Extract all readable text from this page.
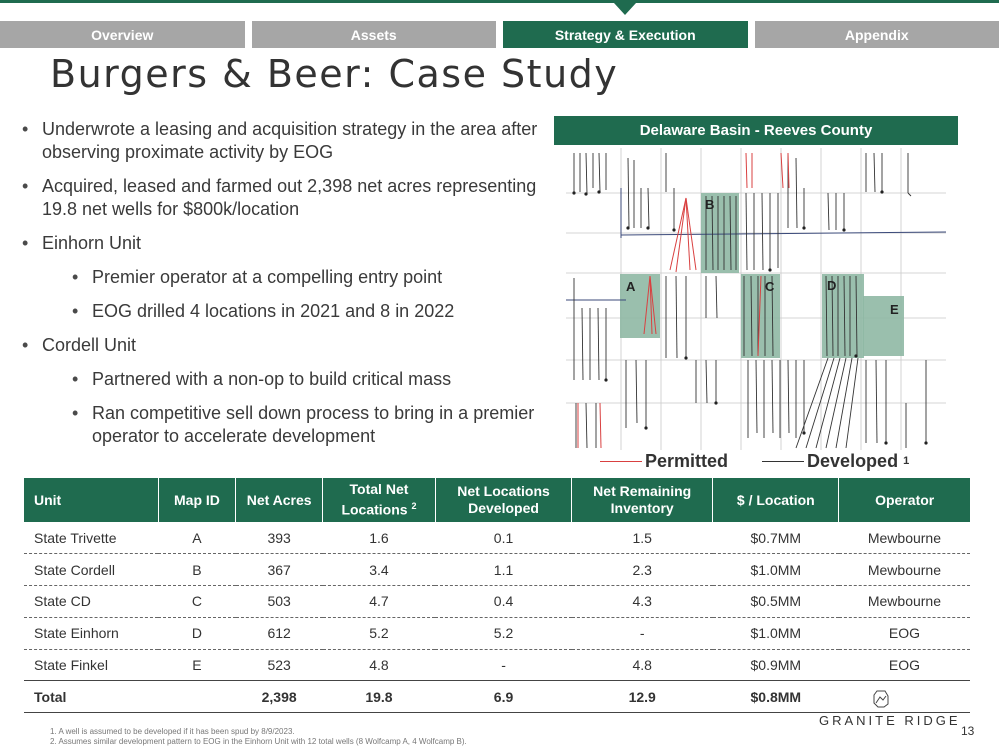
Overview	Assets	Strategy & Execution	Appendix
Burgers & Beer: Case Study
• Underwrote a leasing and acquisition strategy in the area after observing proximate activity by EOG
• Acquired, leased and farmed out 2,398 net acres representing 19.8 net wells for $800k/location
• Einhorn Unit
• Premier operator at a compelling entry point
• EOG drilled 4 locations in 2021 and 8 in 2022
• Cordell Unit
• Partnered with a non-op to build critical mass
• Ran competitive sell down process to bring in a premier operator to accelerate development
Delaware Basin - Reeves County
A
B
C	D
E
Permitted	Developed 1
Unit	Map ID	Net Acres	Total Net Locations $^2$	Net Locations Developed	Net Remaining Inventory	$ / Location	Operator
State Trivette	A	393	1.6	0.1	1.5	$0.7MM	Mewbourne
State Cordell	B	367	3.4	1.1	2.3	$1.0MM	Mewbourne
State CD	C	503	4.7	0.4	4.3	$0.5MM	Mewbourne
State Einhorn	D	612	5.2	5.2	-	$1.0MM	EOG
State Finkel	E	523	4.8	-	4.8	$0.9MM	EOG
Total		2,398	19.8	6.9	12.9	$0.8MM	
GRANITE RIDGE
13
1. A well is assumed to be developed if it has been spud by 8/9/2023.
2. Assumes similar development pattern to EOG in the Einhorn Unit with 12 total wells (8 Wolfcamp A, 4 Wolfcamp B).
